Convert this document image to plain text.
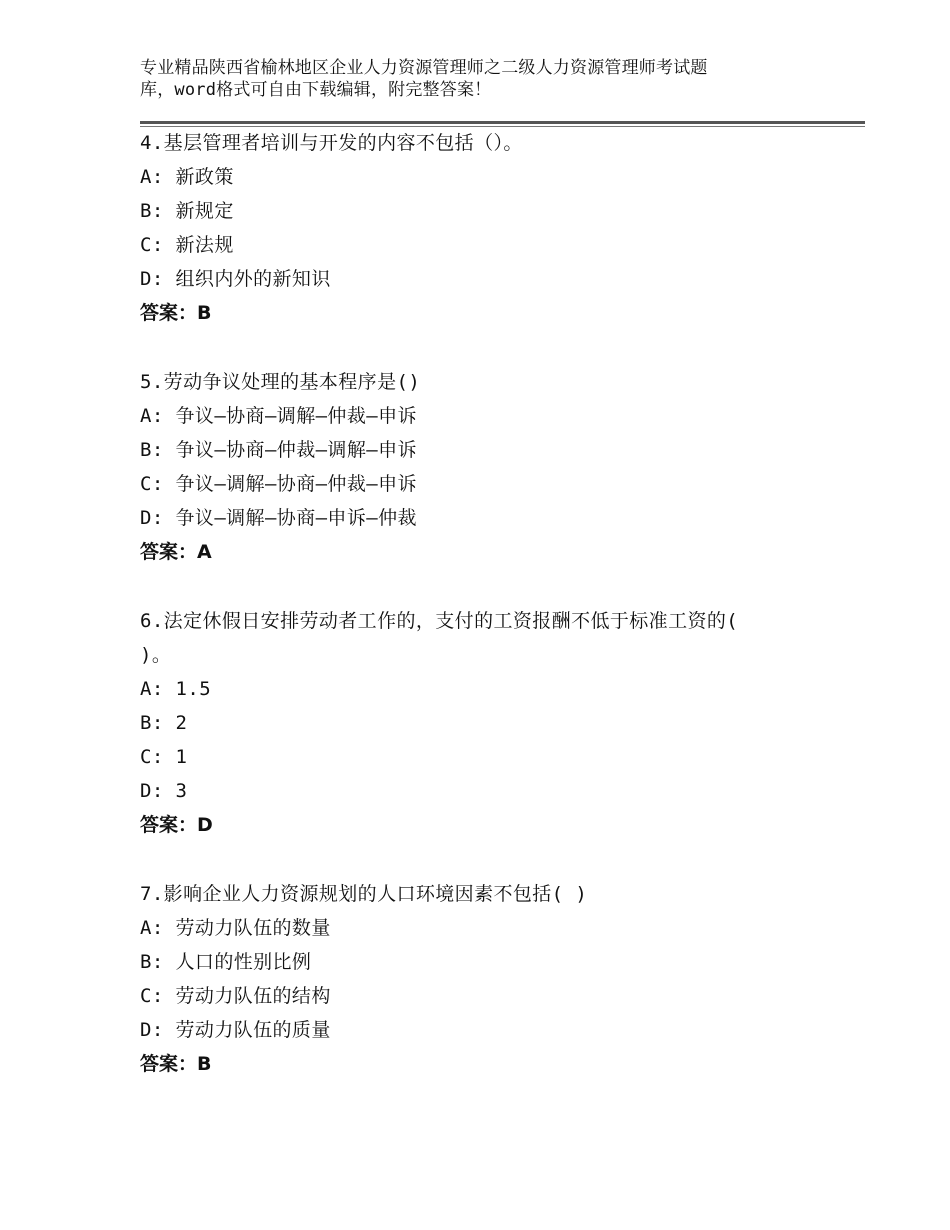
专业精品陕西省榆林地区企业人力资源管理师之二级人力资源管理师考试题
库，word格式可自由下载编辑，附完整答案！
4.基层管理者培训与开发的内容不包括（）。
A: 新政策
B: 新规定
C: 新法规
D: 组织内外的新知识
答案：B
5.劳动争议处理的基本程序是()
A: 争议—协商—调解—仲裁—申诉
B: 争议—协商—仲裁—调解—申诉
C: 争议—调解—协商—仲裁—申诉
D: 争议—调解—协商—申诉—仲裁
答案：A
6.法定休假日安排劳动者工作的，支付的工资报酬不低于标准工资的(
)。
A: 1.5
B: 2
C: 1
D: 3
答案：D
7.影响企业人力资源规划的人口环境因素不包括( )
A: 劳动力队伍的数量
B: 人口的性别比例
C: 劳动力队伍的结构
D: 劳动力队伍的质量
答案：B
